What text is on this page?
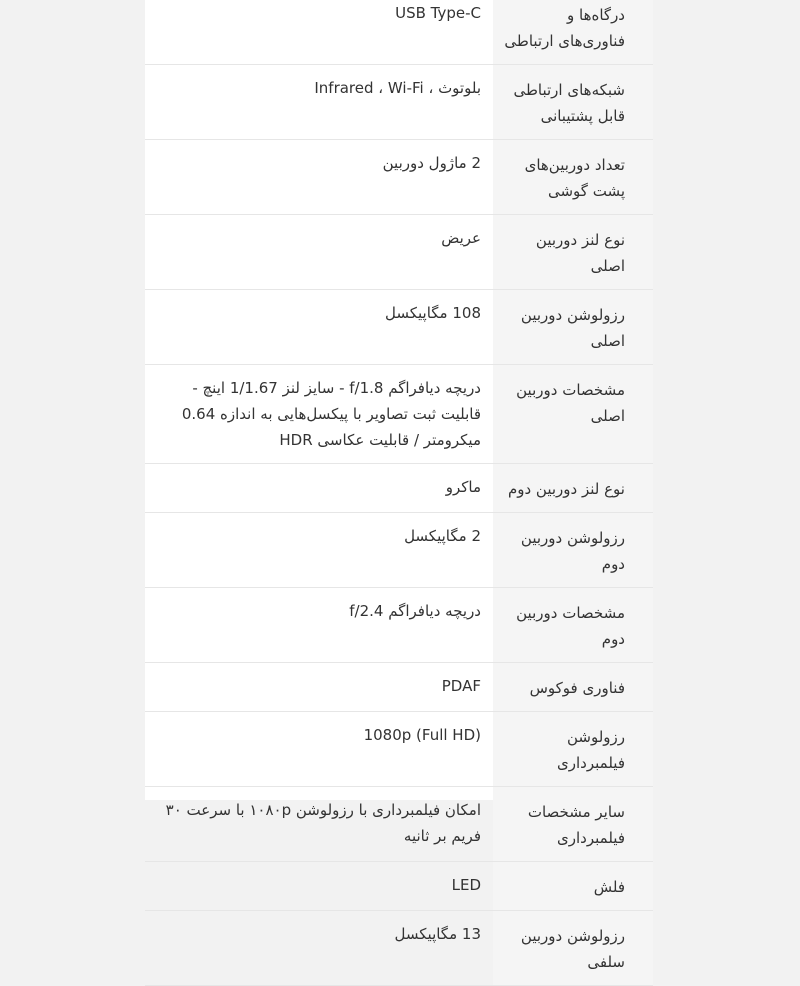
درگاه‌ها و فناوری‌های ارتباطی
USB Type-C
شبکه‌های ارتباطی قابل پشتیبانی
بلوتوث ، Infrared ، Wi-Fi
تعداد دوربین‌های پشت گوشی
2 ماژول دوربین
نوع لنز دوربین اصلی
عریض
رزولوشن دوربین اصلی
108 مگاپیکسل
مشخصات دوربین اصلی
دریچه دیافراگم f/1.8 - سایز لنز 1/1.67 اینچ - قابلیت ثبت تصاویر با پیکسل‌هایی به اندازه 0.64 میکرومتر / قابلیت عکاسی HDR
نوع لنز دوربین دوم
ماکرو
رزولوشن دوربین دوم
2 مگاپیکسل
مشخصات دوربین دوم
دریچه دیافراگم f/2.4
فناوری فوکوس
PDAF
رزولوشن فیلمبرداری
1080p (Full HD)
سایر مشخصات فیلمبرداری
امکان فیلمبرداری با رزولوشن ۱۰۸۰p با سرعت ۳۰ فریم بر ثانیه
فلش
LED
رزولوشن دوربین سلفی
13 مگاپیکسل
